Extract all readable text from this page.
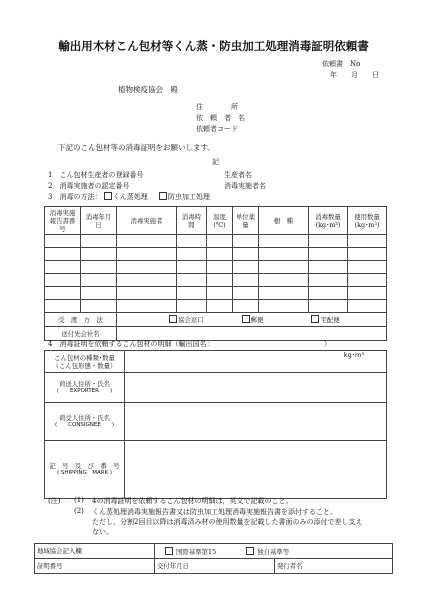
輸出用木材こん包材等くん蒸・防虫加工処理消毒証明依頼書
依頼書　No
年　　月　　日
植物検疫協会　殿
住　　　　所
依　頼　者　名
依頼者コード
下記のこん包材等の消毒証明をお願いします。
記
1　こん包材生産者の登録番号	生産者名
2　消毒実施者の認定番号	消毒実施者名
3　消毒の方法： くん蒸処理	防虫加工処理
消毒実施報告書番号	消毒年月日	消毒実施者	消毒時間	温度(℃)	単位薬量	樹　種	消毒数量(kg･m³)	使用数量(kg･m³)

受　渡　方　法		協会窓口 郵便 宅配便						
送付先会社名								
4　消毒証明を依頼するこん包材の明細（輸出国名：	）
こん包材の種類･数量
（こん包形態・数量）	kg･m³

荷送人住所・氏名
(　　EXPORTER　　)	

荷受人住所・氏名
(　　CONSIGNEE　　)	

記　号　及　び　番　号
( SHIPPING　MARK )	

(注) (1) 4の消毒証明を依頼するこん包材の明細は，英文で記載のこと。
(2) くん蒸処理消毒実施報告書又は防虫加工処理消毒実施報告書を添付すること。
ただし，分割2回目以降は消毒済み材の使用数量を記載した書面のみの添付で差し支え
ない。
地域協会記入欄	国際基準第15 独自基準等	
証明番号	交付年月日	発行者名
